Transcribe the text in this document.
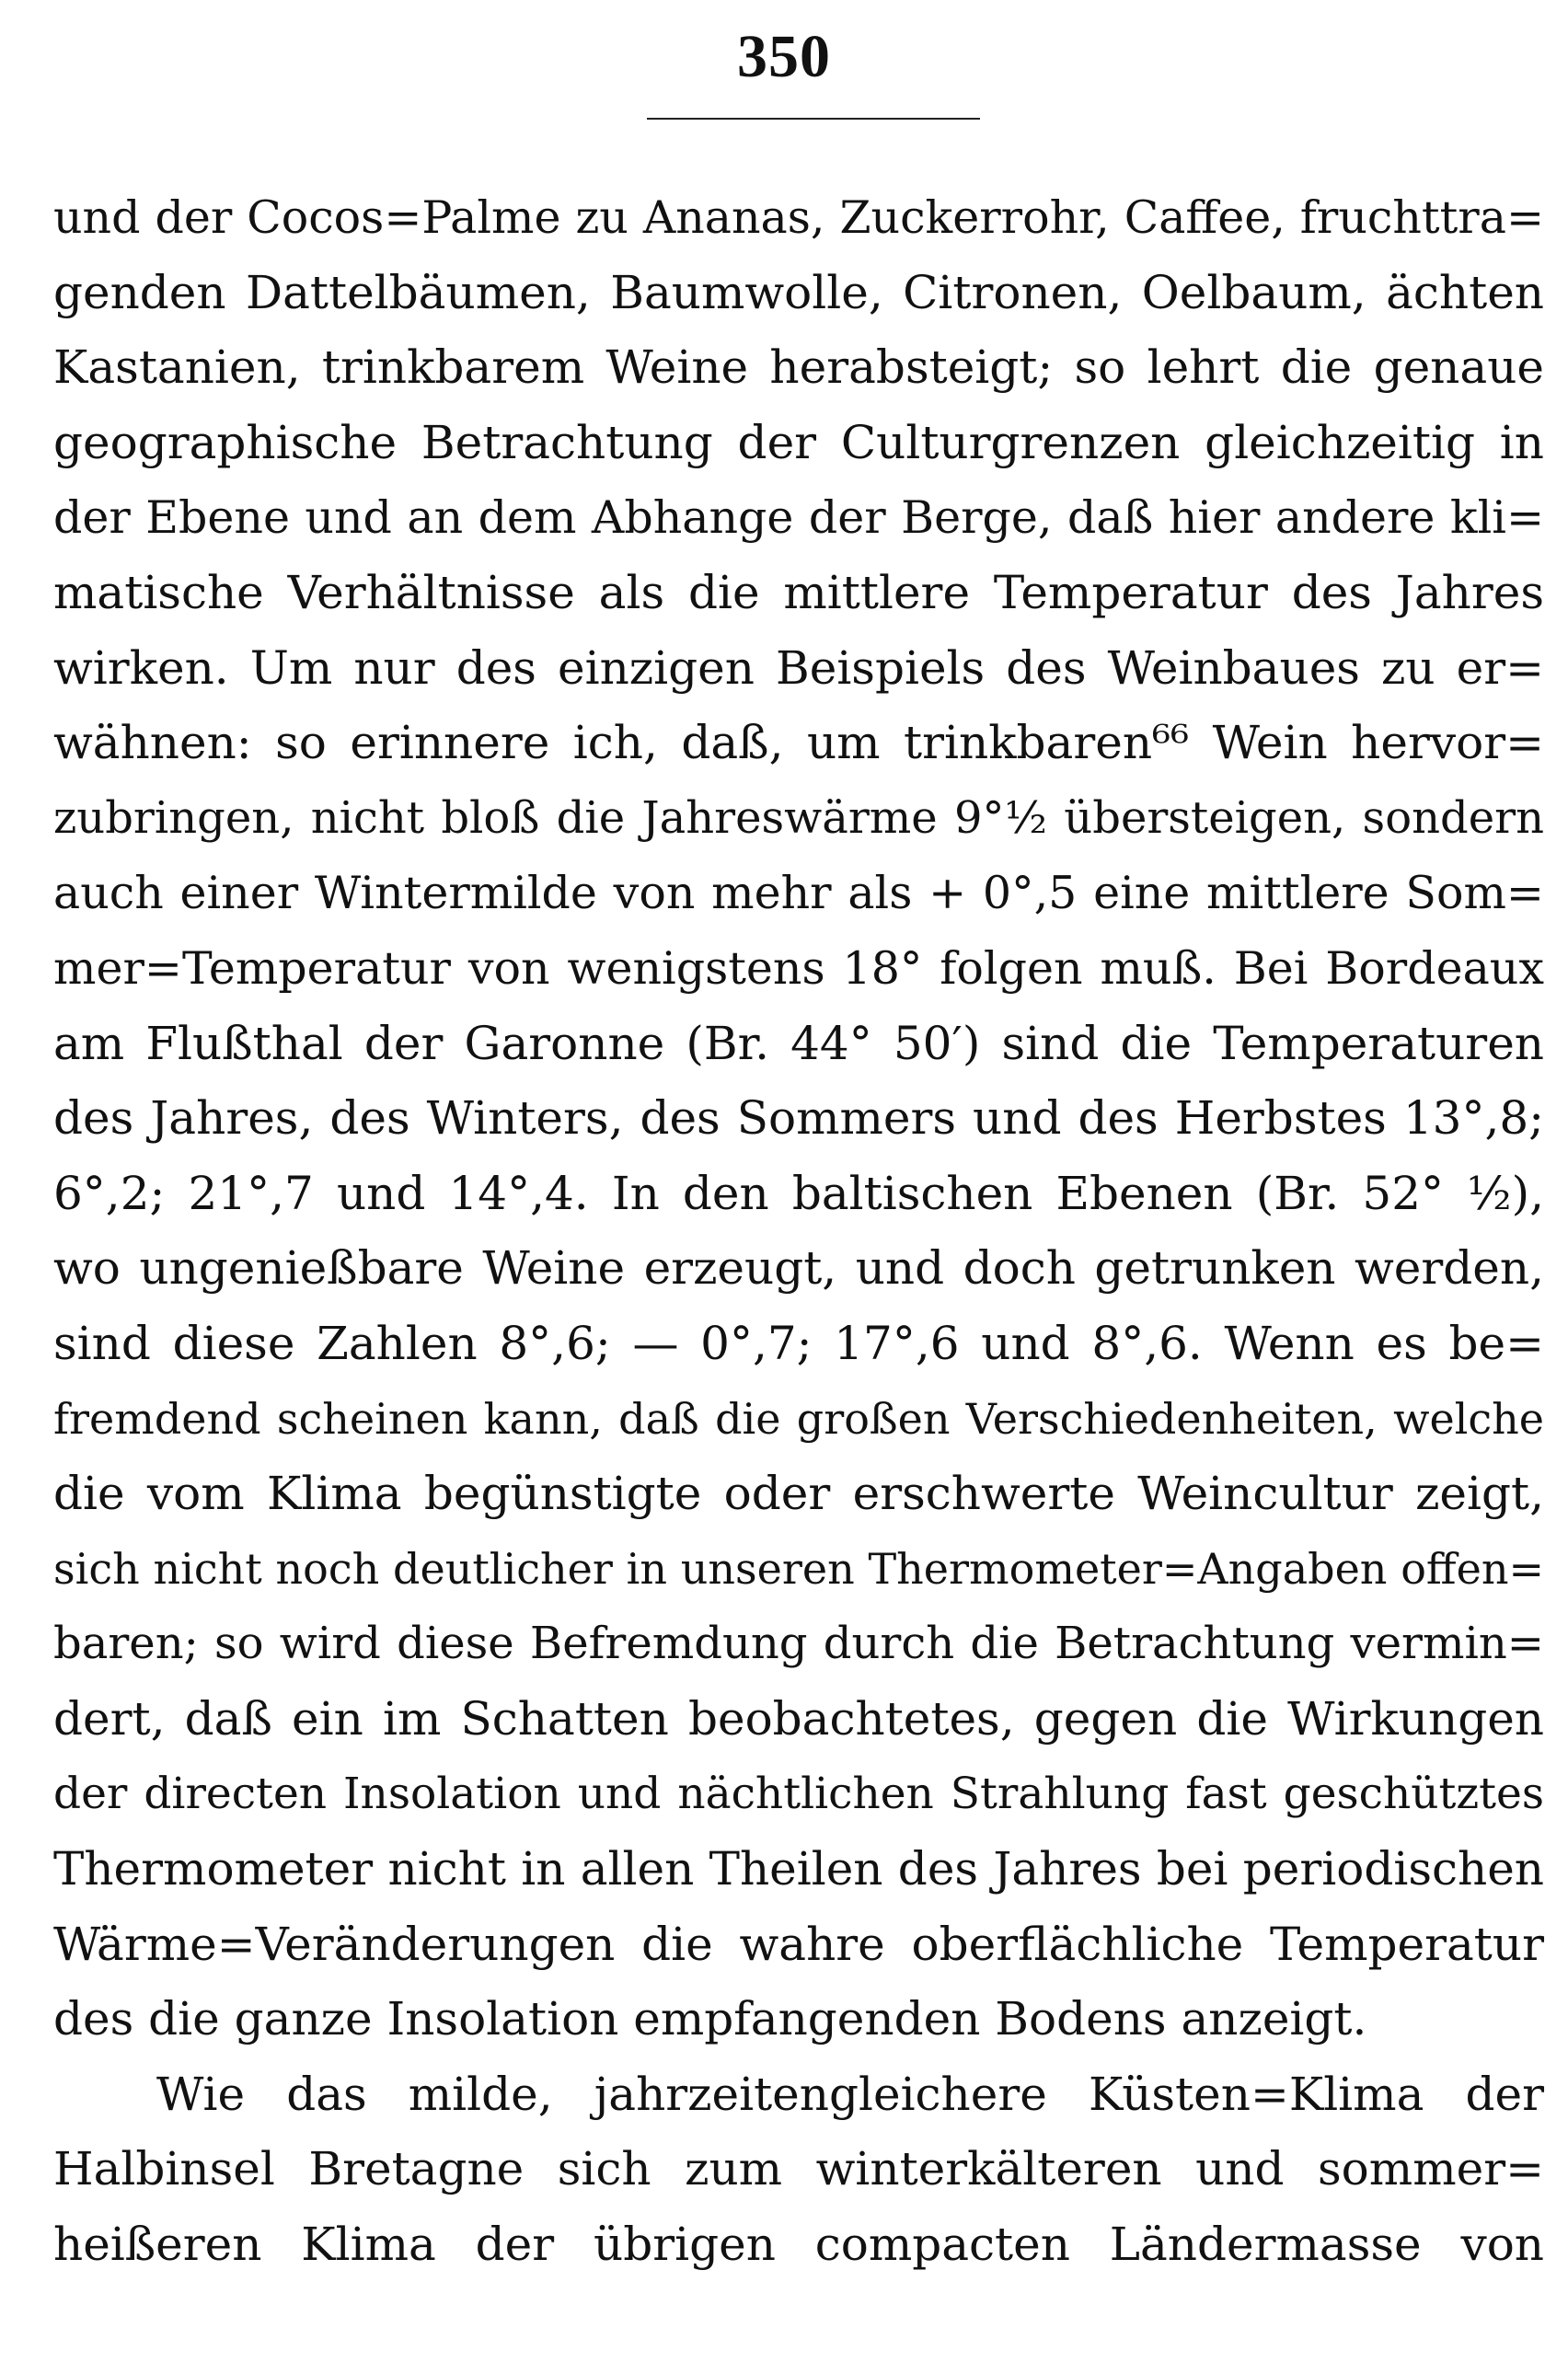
350
und der Cocos=Palme zu Ananas, Zuckerrohr, Caffee, fruchttra=
genden Dattelbäumen, Baumwolle, Citronen, Oelbaum, ächten
Kastanien, trinkbarem Weine herabsteigt; so lehrt die genaue
geographische Betrachtung der Culturgrenzen gleichzeitig in
der Ebene und an dem Abhange der Berge, daß hier andere kli=
matische Verhältnisse als die mittlere Temperatur des Jahres
wirken. Um nur des einzigen Beispiels des Weinbaues zu er=
wähnen: so erinnere ich, daß, um trinkbaren⁶⁶ Wein hervor=
zubringen, nicht bloß die Jahreswärme 9°½ übersteigen, sondern
auch einer Wintermilde von mehr als + 0°,5 eine mittlere Som=
mer=Temperatur von wenigstens 18° folgen muß. Bei Bordeaux
am Flußthal der Garonne (Br. 44° 50′) sind die Temperaturen
des Jahres, des Winters, des Sommers und des Herbstes 13°,8;
6°,2; 21°,7 und 14°,4. In den baltischen Ebenen (Br. 52° ½),
wo ungenießbare Weine erzeugt, und doch getrunken werden,
sind diese Zahlen 8°,6; — 0°,7; 17°,6 und 8°,6. Wenn es be=
fremdend scheinen kann, daß die großen Verschiedenheiten, welche
die vom Klima begünstigte oder erschwerte Weincultur zeigt,
sich nicht noch deutlicher in unseren Thermometer=Angaben offen=
baren; so wird diese Befremdung durch die Betrachtung vermin=
dert, daß ein im Schatten beobachtetes, gegen die Wirkungen
der directen Insolation und nächtlichen Strahlung fast geschütztes
Thermometer nicht in allen Theilen des Jahres bei periodischen
Wärme=Veränderungen die wahre oberflächliche Temperatur
des die ganze Insolation empfangenden Bodens anzeigt.
Wie das milde, jahrzeitengleichere Küsten=Klima der
Halbinsel Bretagne sich zum winterkälteren und sommer=
heißeren Klima der übrigen compacten Ländermasse von
